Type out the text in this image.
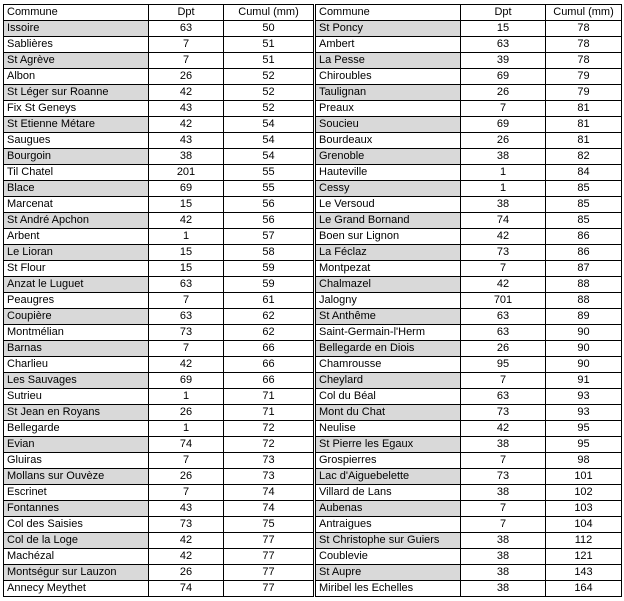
Commune	Dpt	Cumul (mm)
Issoire	63	50
Sablières	7	51
St Agrève	7	51
Albon	26	52
St Léger sur Roanne	42	52
Fix St Geneys	43	52
St Etienne Métare	42	54
Saugues	43	54
Bourgoin	38	54
Til Chatel	201	55
Blace	69	55
Marcenat	15	56
St André Apchon	42	56
Arbent	1	57
Le Lioran	15	58
St Flour	15	59
Anzat le Luguet	63	59
Peaugres	7	61
Coupière	63	62
Montmélian	73	62
Barnas	7	66
Charlieu	42	66
Les Sauvages	69	66
Sutrieu	1	71
St Jean en Royans	26	71
Bellegarde	1	72
Evian	74	72
Gluiras	7	73
Mollans sur Ouvèze	26	73
Escrinet	7	74
Fontannes	43	74
Col des Saisies	73	75
Col de la Loge	42	77
Machézal	42	77
Montségur sur Lauzon	26	77
Annecy Meythet	74	77
Commune	Dpt	Cumul (mm)
St Poncy	15	78
Ambert	63	78
La Pesse	39	78
Chiroubles	69	79
Taulignan	26	79
Preaux	7	81
Soucieu	69	81
Bourdeaux	26	81
Grenoble	38	82
Hauteville	1	84
Cessy	1	85
Le Versoud	38	85
Le Grand Bornand	74	85
Boen sur Lignon	42	86
La Féclaz	73	86
Montpezat	7	87
Chalmazel	42	88
Jalogny	701	88
St Anthême	63	89
Saint-Germain-l'Herm	63	90
Bellegarde en Diois	26	90
Chamrousse	95	90
Cheylard	7	91
Col du Béal	63	93
Mont du Chat	73	93
Neulise	42	95
St Pierre les Egaux	38	95
Grospierres	7	98
Lac d'Aiguebelette	73	101
Villard de Lans	38	102
Aubenas	7	103
Antraigues	7	104
St Christophe sur Guiers	38	112
Coublevie	38	121
St Aupre	38	143
Miribel les Echelles	38	164
